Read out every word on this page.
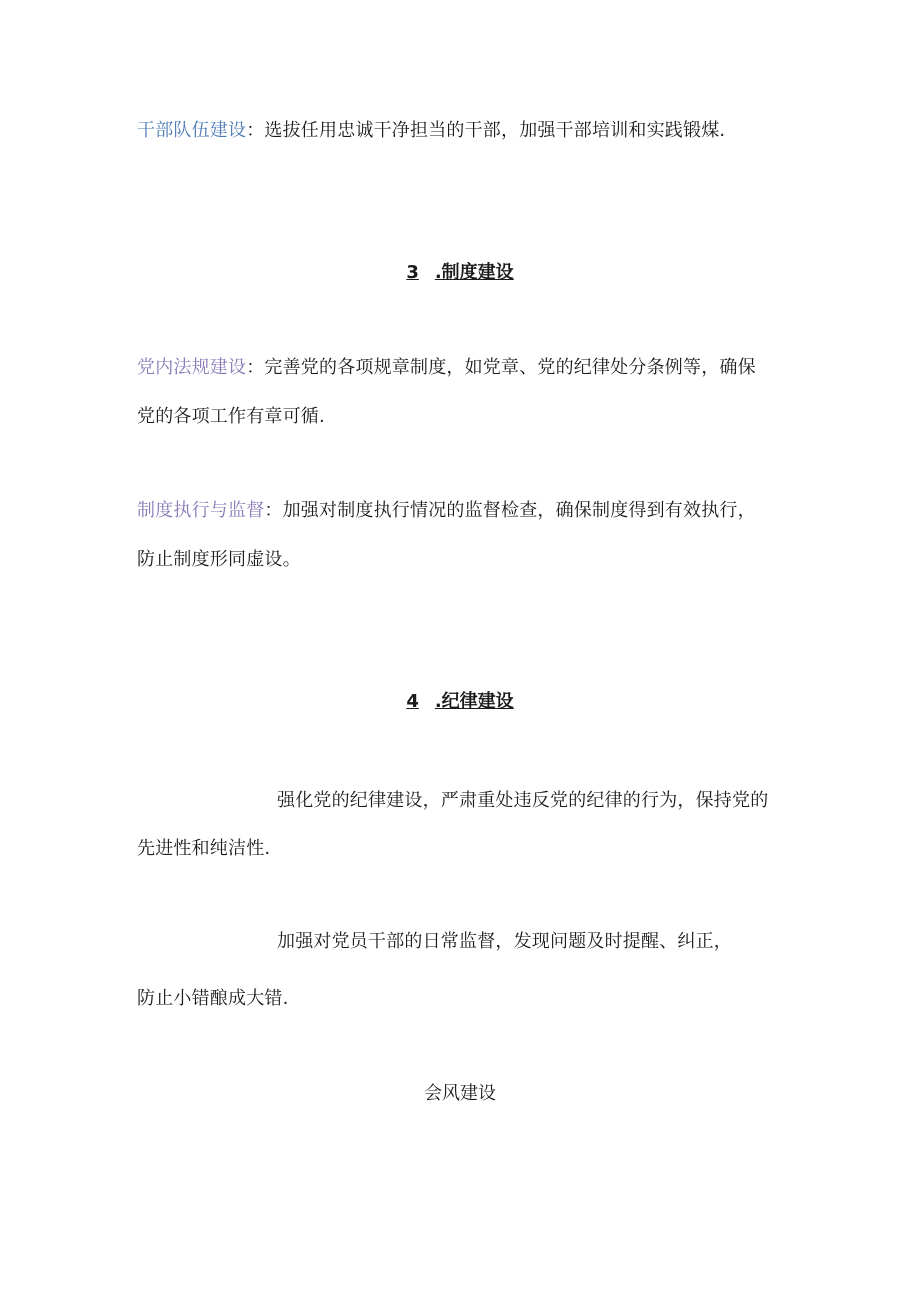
干部队伍建设：选拔任用忠诚干净担当的干部，加强干部培训和实践锻煤.

3 .制度建设

党内法规建设：完善党的各项规章制度，如党章、党的纪律处分条例等，确保

党的各项工作有章可循.

制度执行与监督：加强对制度执行情况的监督检查，确保制度得到有效执行，

防止制度形同虚设。

4 .纪律建设

强化党的纪律建设，严肃重处违反党的纪律的行为，保持党的

先进性和纯洁性.

加强对党员干部的日常监督，发现问题及时提醒、纠正，

防止小错酿成大错.

会风建设
